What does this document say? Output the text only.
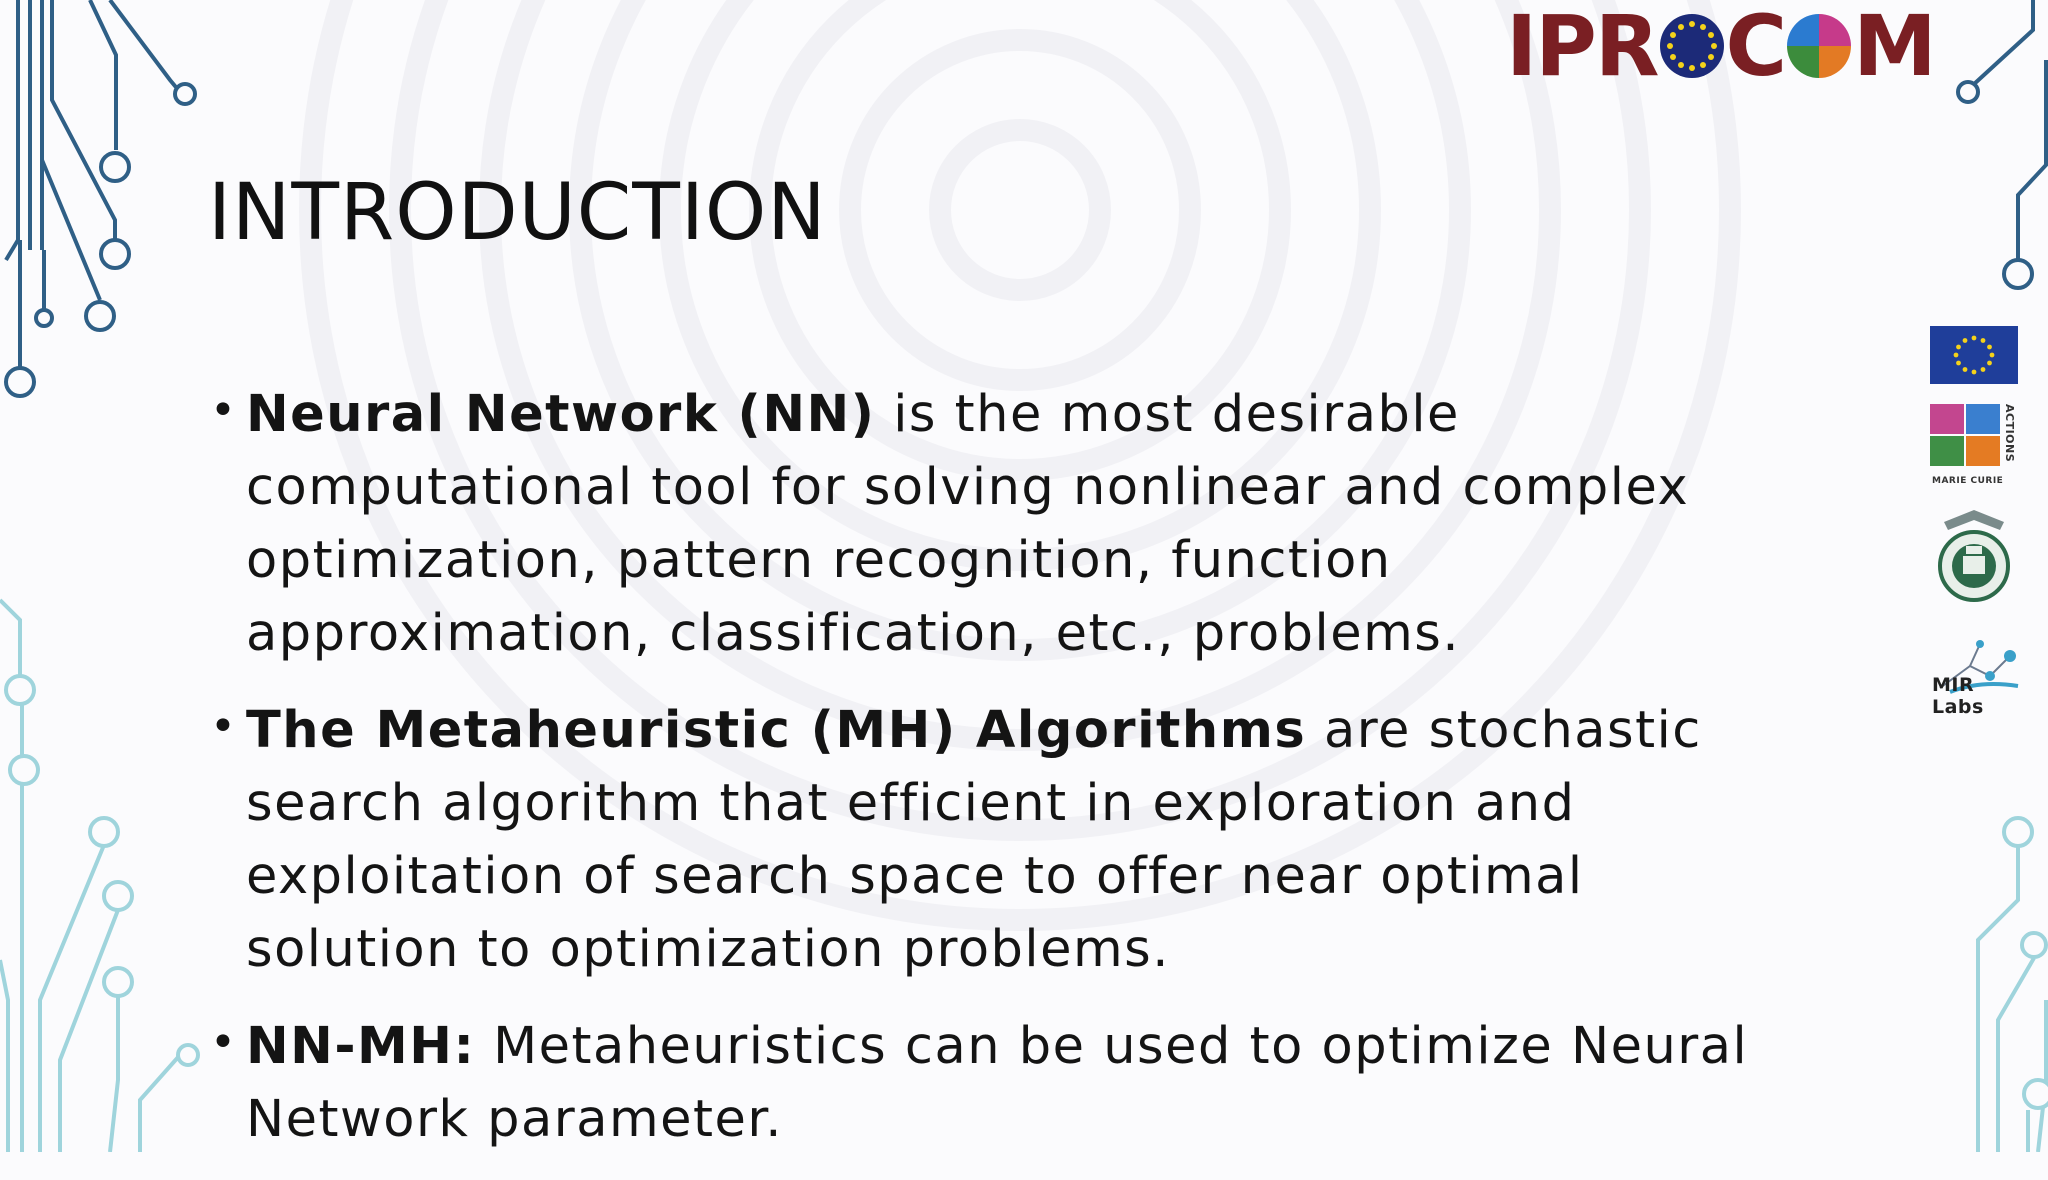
IPR C M
INTRODUCTION
• Neural Network (NN) is the most desirable computational tool for solving nonlinear and complex optimization, pattern recognition, function approximation, classification, etc., problems.
• The Metaheuristic (MH) Algorithms are stochastic search algorithm that efficient in exploration and exploitation of search space to offer near optimal solution to optimization problems.
• NN-MH: Metaheuristics can be used to optimize Neural Network parameter.
ACTIONS
MARIE CURIE
MIR Labs
